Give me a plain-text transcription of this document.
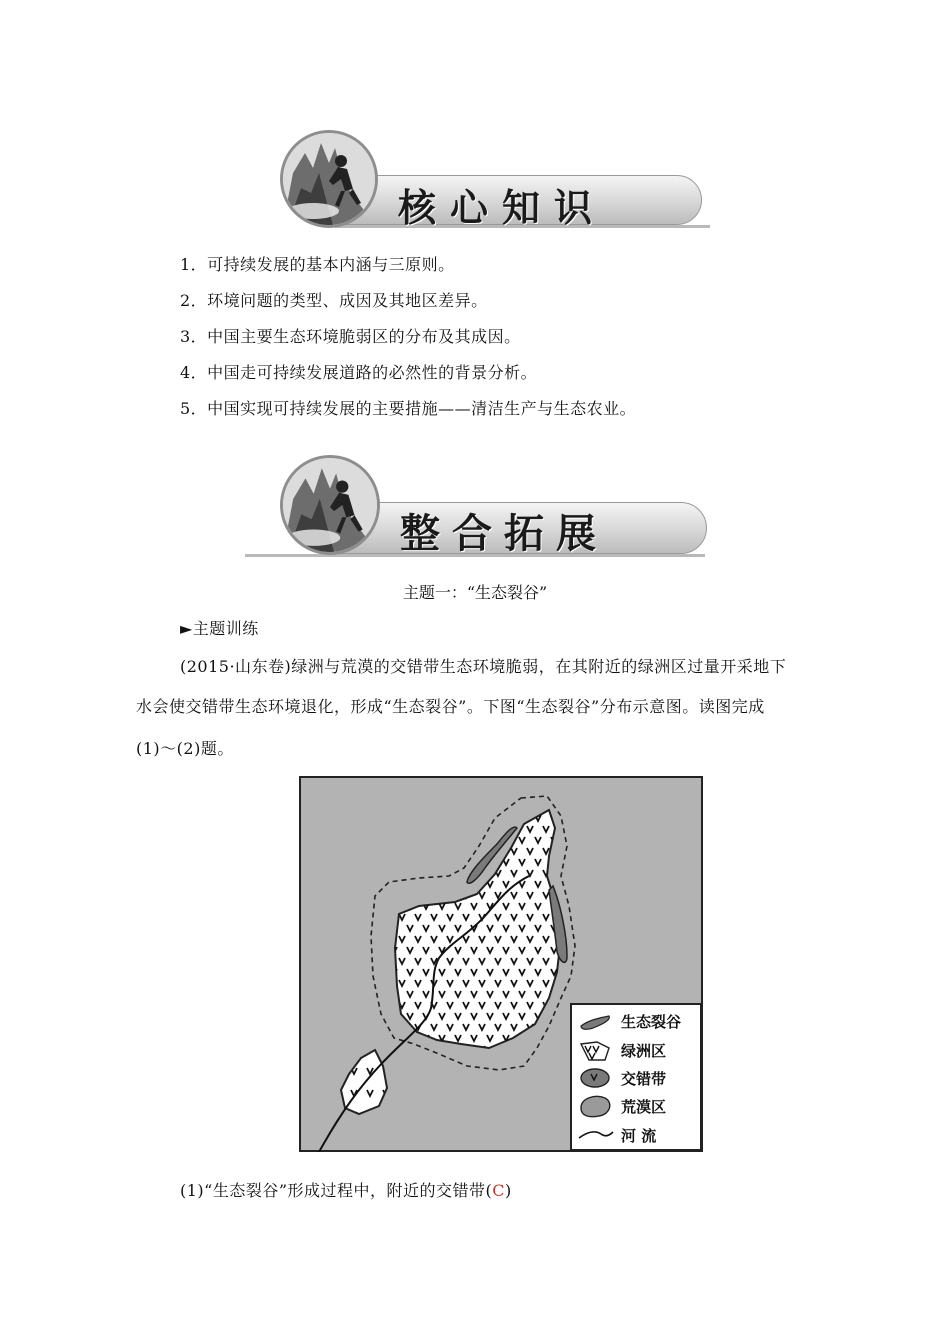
核心知识
1．可持续发展的基本内涵与三原则。
2．环境问题的类型、成因及其地区差异。
3．中国主要生态环境脆弱区的分布及其成因。
4．中国走可持续发展道路的必然性的背景分析。
5．中国实现可持续发展的主要措施——清洁生产与生态农业。
整合拓展
主题一：“生态裂谷”
►主题训练
(2015·山东卷)绿洲与荒漠的交错带生态环境脆弱，在其附近的绿洲区过量开采地下
水会使交错带生态环境退化，形成“生态裂谷”。下图“生态裂谷”分布示意图。读图完成
(1)～(2)题。
生态裂谷
绿洲区
交错带
荒漠区
河 流
(1)“生态裂谷”形成过程中，附近的交错带(C)
